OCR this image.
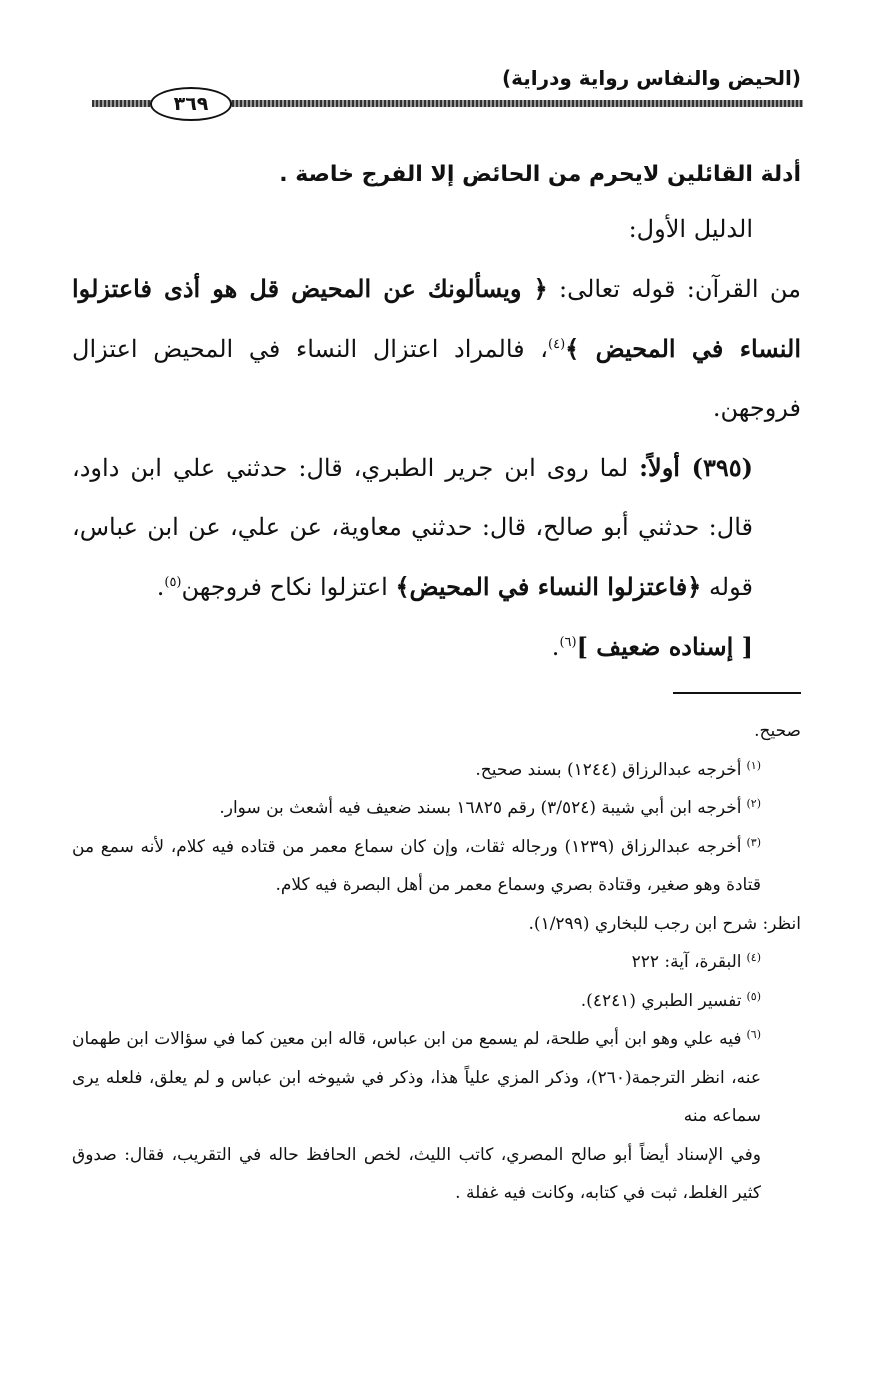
(الحيض والنفاس رواية ودراية)
٣٦٩
أدلة القائلين لايحرم من الحائض إلا الفرج خاصة .

الدليل الأول:

من القرآن: قوله تعالى: ﴿ ويسألونك عن المحيض قل هو أذى فاعتزلوا النساء في المحيض ﴾$^{(٤)}$، فالمراد اعتزال النساء في المحيض اعتزال فروجهن.

(٣٩٥) أولاً: لما روى ابن جرير الطبري، قال: حدثني علي ابن داود، قال: حدثني أبو صالح، قال: حدثني معاوية، عن علي، عن ابن عباس، قوله ﴿فاعتزلوا النساء في المحيض﴾ اعتزلوا نكاح فروجهن$^{(٥)}$.

[ إسناده ضعيف ]$^{(٦)}$.

صحيح.

$^{(١)}$أخرجه عبدالرزاق (١٢٤٤) بسند صحيح.

$^{(٢)}$أخرجه ابن أبي شيبة (٣/٥٢٤) رقم ١٦٨٢٥ بسند ضعيف فيه أشعث بن سوار.

$^{(٣)}$أخرجه عبدالرزاق (١٢٣٩) ورجاله ثقات، وإن كان سماع معمر من قتاده فيه كلام، لأنه سمع من قتادة وهو صغير، وقتادة بصري وسماع معمر من أهل البصرة فيه كلام.

انظر: شرح ابن رجب للبخاري (١/٢٩٩).

$^{(٤)}$البقرة، آية: ٢٢٢

$^{(٥)}$تفسير الطبري (٤٢٤١).

$^{(٦)}$فيه علي وهو ابن أبي طلحة، لم يسمع من ابن عباس، قاله ابن معين كما في سؤالات ابن طهمان عنه، انظر الترجمة(٢٦٠)، وذكر المزي علياً هذا، وذكر في شيوخه ابن عباس و لم يعلق، فلعله يرى سماعه منه

وفي الإسناد أيضاً أبو صالح المصري، كاتب الليث، لخص الحافظ حاله في التقريب، فقال: صدوق كثير الغلط، ثبت في كتابه، وكانت فيه غفلة .
